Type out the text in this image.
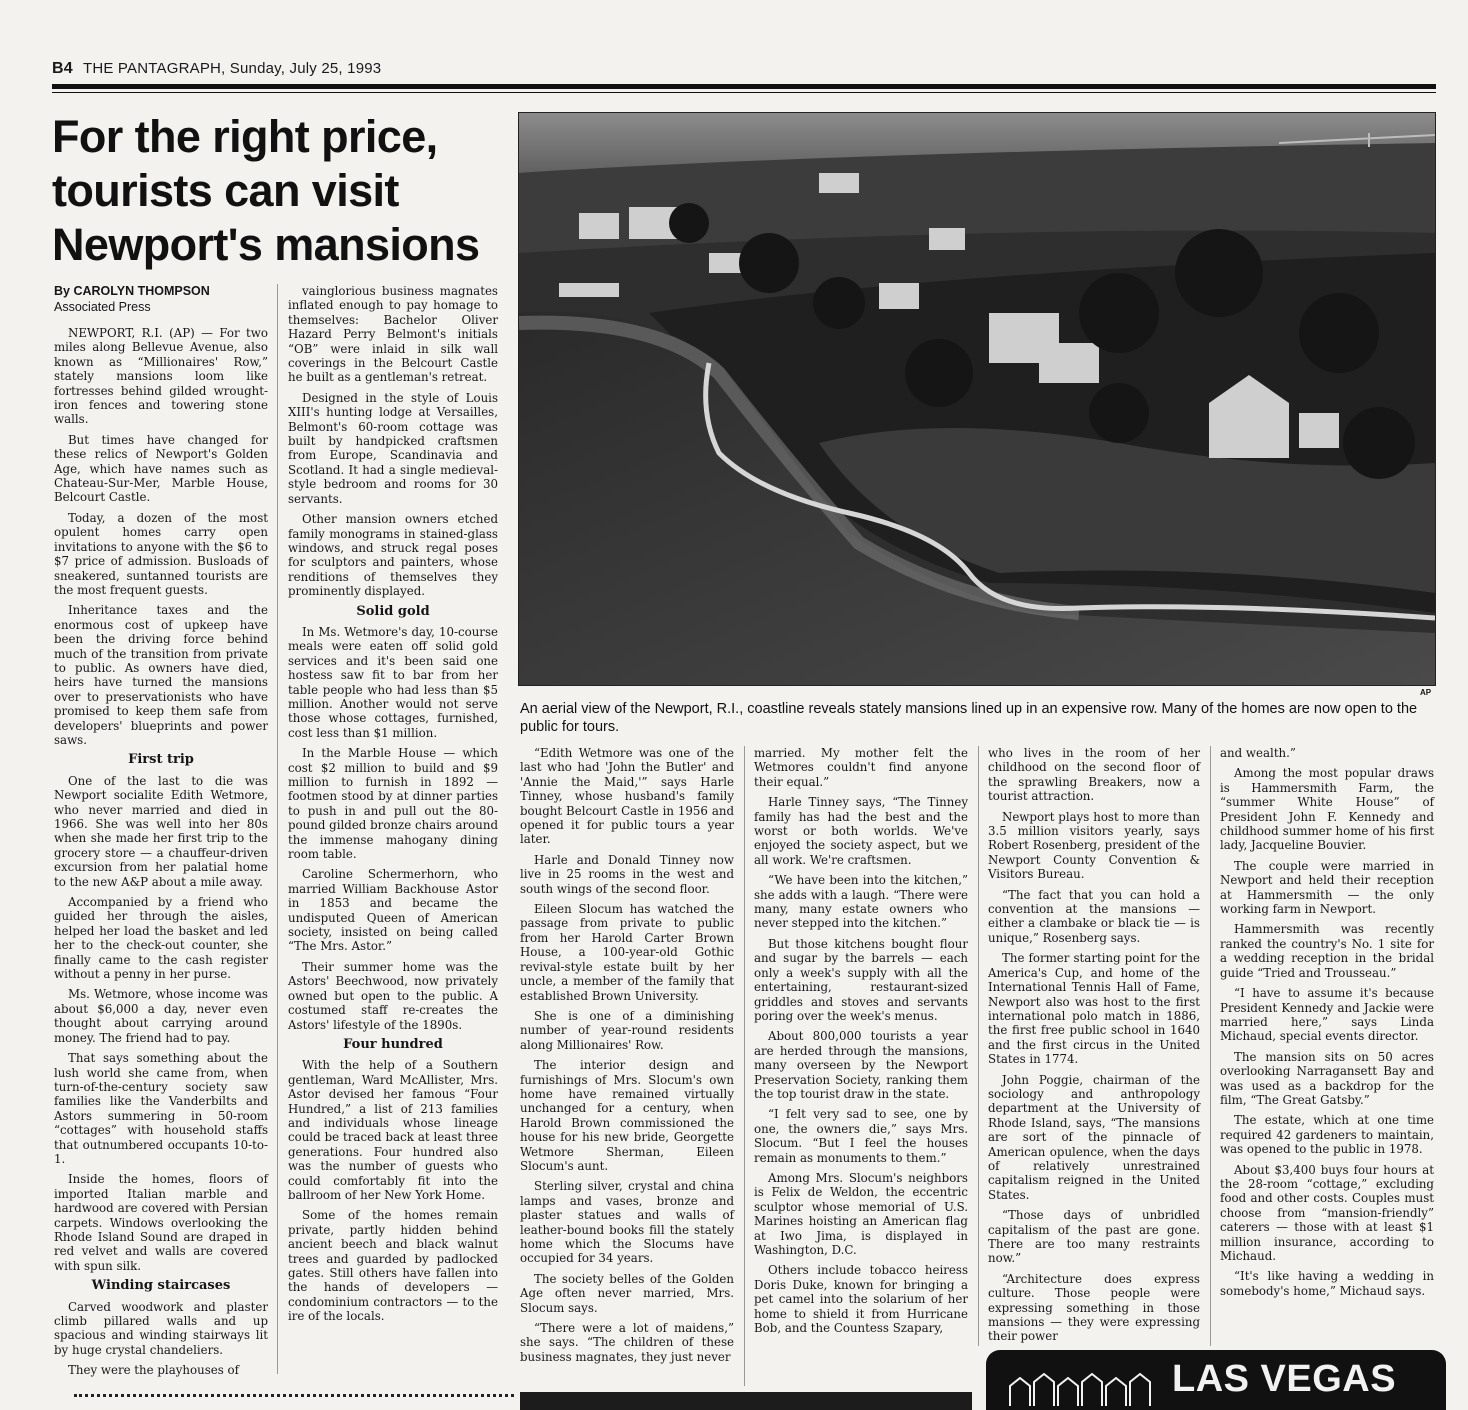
B4 THE PANTAGRAPH, Sunday, July 25, 1993
For the right price,
tourists can visit
Newport's mansions
By CAROLYN THOMPSON
Associated Press

NEWPORT, R.I. (AP) — For two miles along Bellevue Avenue, also known as “Millionaires' Row,” stately mansions loom like fortresses behind gilded wrought-iron fences and towering stone walls.

But times have changed for these relics of Newport's Golden Age, which have names such as Chateau-Sur-Mer, Marble House, Belcourt Castle.

Today, a dozen of the most opulent homes carry open invitations to anyone with the $6 to $7 price of admission. Busloads of sneakered, suntanned tourists are the most frequent guests.

Inheritance taxes and the enormous cost of upkeep have been the driving force behind much of the transition from private to public. As owners have died, heirs have turned the mansions over to preservationists who have promised to keep them safe from developers' blueprints and power saws.

First trip

One of the last to die was Newport socialite Edith Wetmore, who never married and died in 1966. She was well into her 80s when she made her first trip to the grocery store — a chauffeur-driven excursion from her palatial home to the new A&P about a mile away.

Accompanied by a friend who guided her through the aisles, helped her load the basket and led her to the check-out counter, she finally came to the cash register without a penny in her purse.

Ms. Wetmore, whose income was about $6,000 a day, never even thought about carrying around money. The friend had to pay.

That says something about the lush world she came from, when turn-of-the-century society saw families like the Vanderbilts and Astors summering in 50-room “cottages” with household staffs that outnumbered occupants 10-to-1.

Inside the homes, floors of imported Italian marble and hardwood are covered with Persian carpets. Windows overlooking the Rhode Island Sound are draped in red velvet and walls are covered with spun silk.

Winding staircases

Carved woodwork and plaster climb pillared walls and up spacious and winding stairways lit by huge crystal chandeliers.

They were the playhouses of

vainglorious business magnates inflated enough to pay homage to themselves: Bachelor Oliver Hazard Perry Belmont's initials “OB” were inlaid in silk wall coverings in the Belcourt Castle he built as a gentleman's retreat.

Designed in the style of Louis XIII's hunting lodge at Versailles, Belmont's 60-room cottage was built by handpicked craftsmen from Europe, Scandinavia and Scotland. It had a single medieval-style bedroom and rooms for 30 servants.

Other mansion owners etched family monograms in stained-glass windows, and struck regal poses for sculptors and painters, whose renditions of themselves they prominently displayed.

Solid gold

In Ms. Wetmore's day, 10-course meals were eaten off solid gold services and it's been said one hostess saw fit to bar from her table people who had less than $5 million. Another would not serve those whose cottages, furnished, cost less than $1 million.

In the Marble House — which cost $2 million to build and $9 million to furnish in 1892 — footmen stood by at dinner parties to push in and pull out the 80-pound gilded bronze chairs around the immense mahogany dining room table.

Caroline Schermerhorn, who married William Backhouse Astor in 1853 and became the undisputed Queen of American society, insisted on being called “The Mrs. Astor.”

Their summer home was the Astors' Beechwood, now privately owned but open to the public. A costumed staff re-creates the Astors' lifestyle of the 1890s.

Four hundred

With the help of a Southern gentleman, Ward McAllister, Mrs. Astor devised her famous “Four Hundred,” a list of 213 families and individuals whose lineage could be traced back at least three generations. Four hundred also was the number of guests who could comfortably fit into the ballroom of her New York Home.

Some of the homes remain private, partly hidden behind ancient beech and black walnut trees and guarded by padlocked gates. Still others have fallen into the hands of developers — condominium contractors — to the ire of the locals.

“Edith Wetmore was one of the last who had 'John the Butler' and 'Annie the Maid,'” says Harle Tinney, whose husband's family bought Belcourt Castle in 1956 and opened it for public tours a year later.

Harle and Donald Tinney now live in 25 rooms in the west and south wings of the second floor.

Eileen Slocum has watched the passage from private to public from her Harold Carter Brown House, a 100-year-old Gothic revival-style estate built by her uncle, a member of the family that established Brown University.

She is one of a diminishing number of year-round residents along Millionaires' Row.

The interior design and furnishings of Mrs. Slocum's own home have remained virtually unchanged for a century, when Harold Brown commissioned the house for his new bride, Georgette Wetmore Sherman, Eileen Slocum's aunt.

Sterling silver, crystal and china lamps and vases, bronze and plaster statues and walls of leather-bound books fill the stately home which the Slocums have occupied for 34 years.

The society belles of the Golden Age often never married, Mrs. Slocum says.

“There were a lot of maidens,” she says. “The children of these business magnates, they just never

married. My mother felt the Wetmores couldn't find anyone their equal.”

Harle Tinney says, “The Tinney family has had the best and the worst or both worlds. We've enjoyed the society aspect, but we all work. We're craftsmen.

“We have been into the kitchen,” she adds with a laugh. “There were many, many estate owners who never stepped into the kitchen.”

But those kitchens bought flour and sugar by the barrels — each only a week's supply with all the entertaining, restaurant-sized griddles and stoves and servants poring over the week's menus.

About 800,000 tourists a year are herded through the mansions, many overseen by the Newport Preservation Society, ranking them the top tourist draw in the state.

“I felt very sad to see, one by one, the owners die,” says Mrs. Slocum. “But I feel the houses remain as monuments to them.”

Among Mrs. Slocum's neighbors is Felix de Weldon, the eccentric sculptor whose memorial of U.S. Marines hoisting an American flag at Iwo Jima, is displayed in Washington, D.C.

Others include tobacco heiress Doris Duke, known for bringing a pet camel into the solarium of her home to shield it from Hurricane Bob, and the Countess Szapary,

who lives in the room of her childhood on the second floor of the sprawling Breakers, now a tourist attraction.

Newport plays host to more than 3.5 million visitors yearly, says Robert Rosenberg, president of the Newport County Convention & Visitors Bureau.

“The fact that you can hold a convention at the mansions — either a clambake or black tie — is unique,” Rosenberg says.

The former starting point for the America's Cup, and home of the International Tennis Hall of Fame, Newport also was host to the first international polo match in 1886, the first free public school in 1640 and the first circus in the United States in 1774.

John Poggie, chairman of the sociology and anthropology department at the University of Rhode Island, says, “The mansions are sort of the pinnacle of American opulence, when the days of relatively unrestrained capitalism reigned in the United States.

“Those days of unbridled capitalism of the past are gone. There are too many restraints now.”

“Architecture does express culture. Those people were expressing something in those mansions — they were expressing their power

and wealth.”

Among the most popular draws is Hammersmith Farm, the “summer White House” of President John F. Kennedy and childhood summer home of his first lady, Jacqueline Bouvier.

The couple were married in Newport and held their reception at Hammersmith — the only working farm in Newport.

Hammersmith was recently ranked the country's No. 1 site for a wedding reception in the bridal guide “Tried and Trousseau.”

“I have to assume it's because President Kennedy and Jackie were married here,” says Linda Michaud, special events director.

The mansion sits on 50 acres overlooking Narragansett Bay and was used as a backdrop for the film, “The Great Gatsby.”

The estate, which at one time required 42 gardeners to maintain, was opened to the public in 1978.

About $3,400 buys four hours at the 28-room “cottage,” excluding food and other costs. Couples must choose from “mansion-friendly” caterers — those with at least $1 million insurance, according to Michaud.

“It's like having a wedding in somebody's home,” Michaud says.

AP
An aerial view of the Newport, R.I., coastline reveals stately mansions lined up in an expensive row. Many of the homes are now open to the public for tours.
LAS VEGAS
